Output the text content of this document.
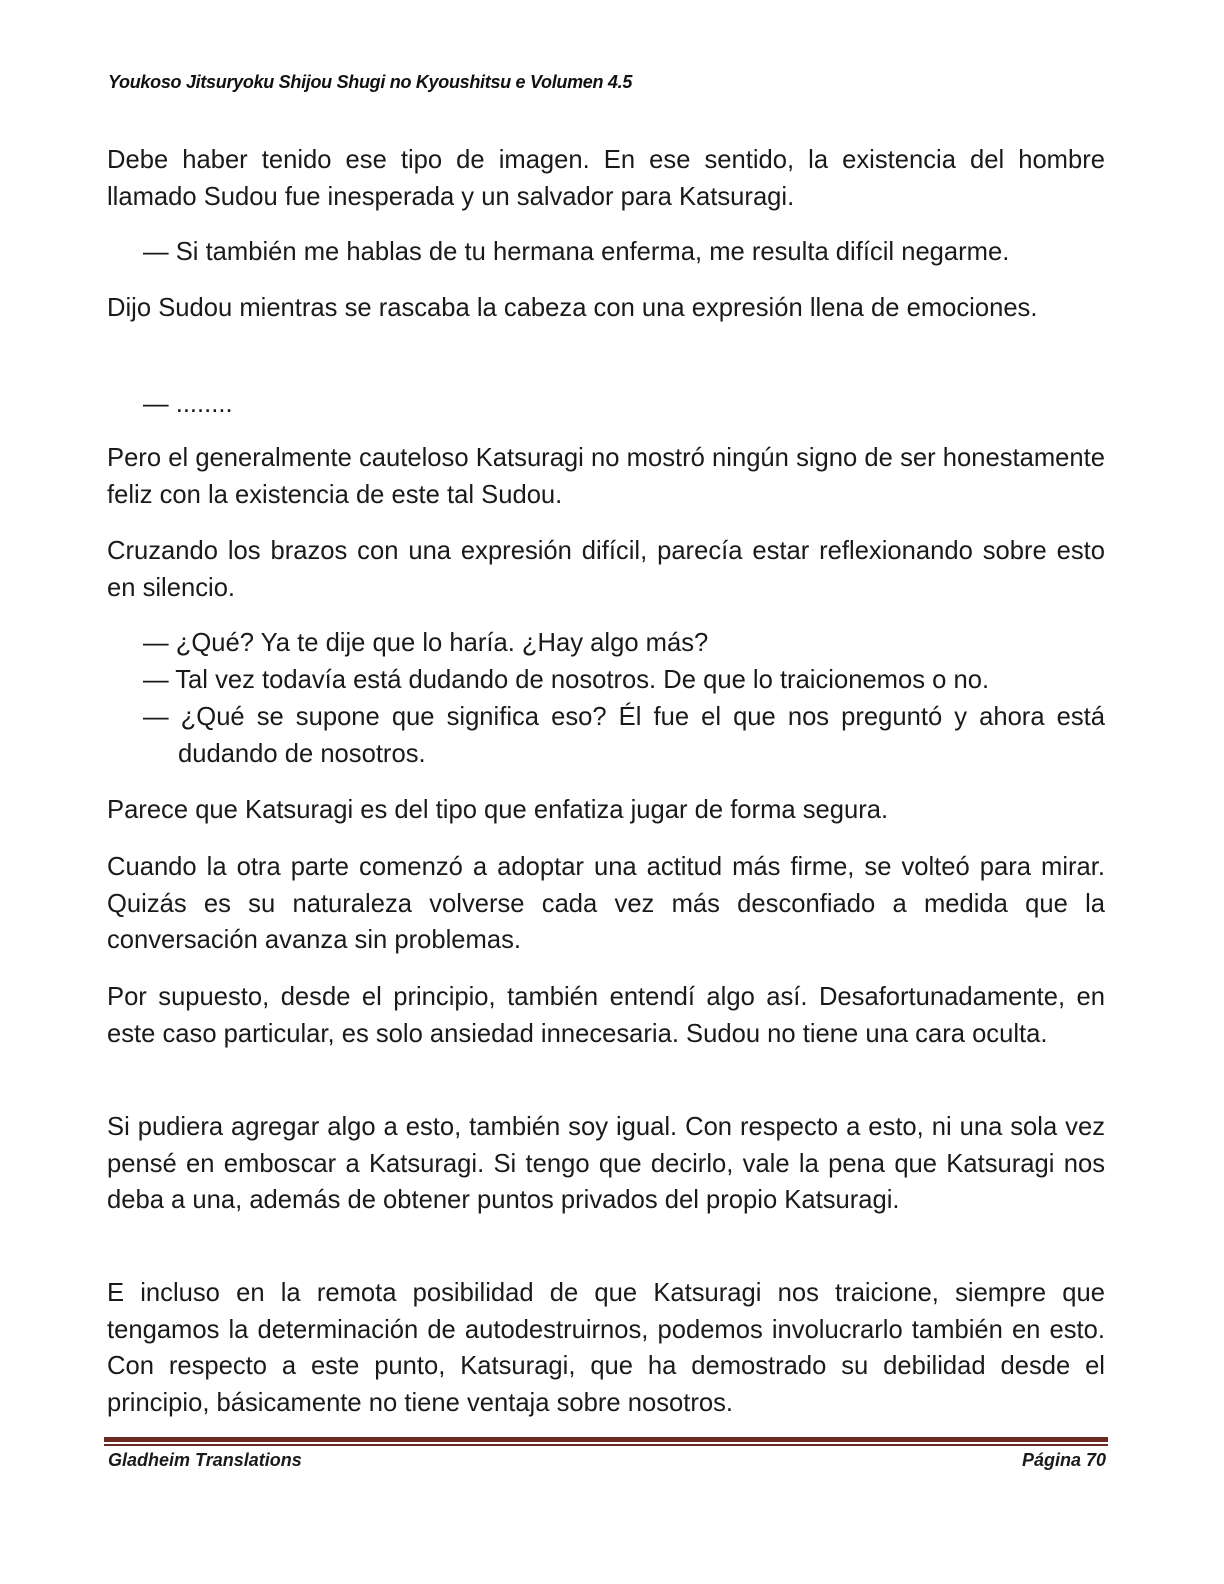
Youkoso Jitsuryoku Shijou Shugi no Kyoushitsu e Volumen 4.5
Debe haber tenido ese tipo de imagen. En ese sentido, la existencia del hombre llamado Sudou fue inesperada y un salvador para Katsuragi.
— Si también me hablas de tu hermana enferma, me resulta difícil negarme.
Dijo Sudou mientras se rascaba la cabeza con una expresión llena de emociones.
— ........
Pero el generalmente cauteloso Katsuragi no mostró ningún signo de ser honestamente feliz con la existencia de este tal Sudou.
Cruzando los brazos con una expresión difícil, parecía estar reflexionando sobre esto en silencio.
— ¿Qué? Ya te dije que lo haría. ¿Hay algo más?
— Tal vez todavía está dudando de nosotros. De que lo traicionemos o no.
— ¿Qué se supone que significa eso? Él fue el que nos preguntó y ahora está dudando de nosotros.
Parece que Katsuragi es del tipo que enfatiza jugar de forma segura.
Cuando la otra parte comenzó a adoptar una actitud más firme, se volteó para mirar. Quizás es su naturaleza volverse cada vez más desconfiado a medida que la conversación avanza sin problemas.
Por supuesto, desde el principio, también entendí algo así. Desafortunadamente, en este caso particular, es solo ansiedad innecesaria. Sudou no tiene una cara oculta.
Si pudiera agregar algo a esto, también soy igual. Con respecto a esto, ni una sola vez pensé en emboscar a Katsuragi. Si tengo que decirlo, vale la pena que Katsuragi nos deba a una, además de obtener puntos privados del propio Katsuragi.
E incluso en la remota posibilidad de que Katsuragi nos traicione, siempre que tengamos la determinación de autodestruirnos, podemos involucrarlo también en esto. Con respecto a este punto, Katsuragi, que ha demostrado su debilidad desde el principio, básicamente no tiene ventaja sobre nosotros.
Gladheim Translations	Página 70
